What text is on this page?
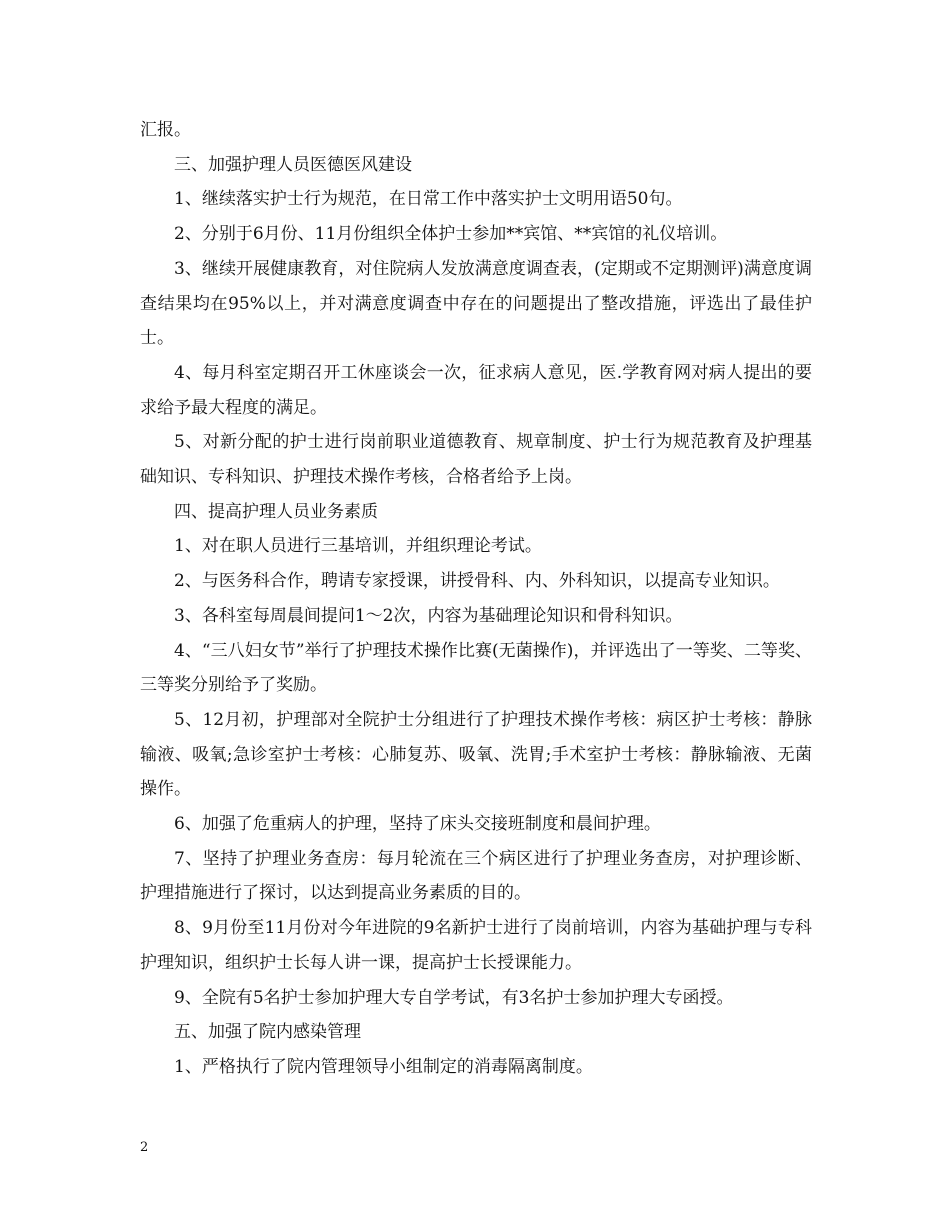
汇报。

三、加强护理人员医德医风建设

1、继续落实护士行为规范，在日常工作中落实护士文明用语50句。

2、分别于6月份、11月份组织全体护士参加**宾馆、**宾馆的礼仪培训。

3、继续开展健康教育，对住院病人发放满意度调查表，(定期或不定期测评)满意度调查结果均在95%以上，并对满意度调查中存在的问题提出了整改措施，评选出了最佳护士。

4、每月科室定期召开工休座谈会一次，征求病人意见，医.学教育网对病人提出的要求给予最大程度的满足。

5、对新分配的护士进行岗前职业道德教育、规章制度、护士行为规范教育及护理基础知识、专科知识、护理技术操作考核，合格者给予上岗。

四、提高护理人员业务素质

1、对在职人员进行三基培训，并组织理论考试。

2、与医务科合作，聘请专家授课，讲授骨科、内、外科知识，以提高专业知识。

3、各科室每周晨间提问1～2次，内容为基础理论知识和骨科知识。

4、“三八妇女节”举行了护理技术操作比赛(无菌操作)，并评选出了一等奖、二等奖、三等奖分别给予了奖励。

5、12月初，护理部对全院护士分组进行了护理技术操作考核：病区护士考核：静脉输液、吸氧;急诊室护士考核：心肺复苏、吸氧、洗胃;手术室护士考核：静脉输液、无菌操作。

6、加强了危重病人的护理，坚持了床头交接班制度和晨间护理。

7、坚持了护理业务查房：每月轮流在三个病区进行了护理业务查房，对护理诊断、护理措施进行了探讨，以达到提高业务素质的目的。

8、9月份至11月份对今年进院的9名新护士进行了岗前培训，内容为基础护理与专科护理知识，组织护士长每人讲一课，提高护士长授课能力。

9、全院有5名护士参加护理大专自学考试，有3名护士参加护理大专函授。

五、加强了院内感染管理

1、严格执行了院内管理领导小组制定的消毒隔离制度。

2
